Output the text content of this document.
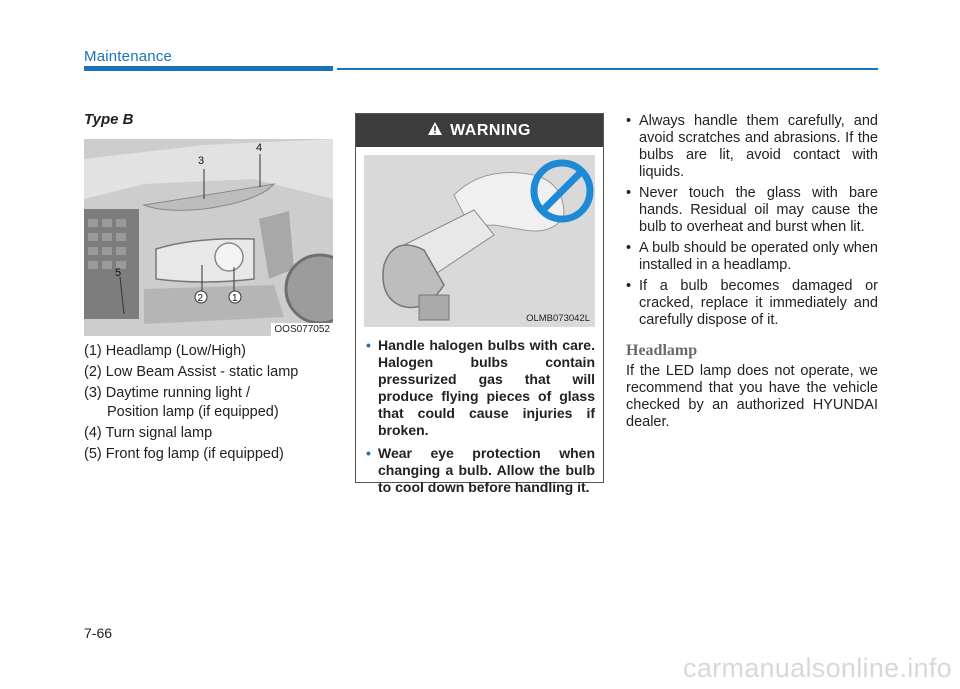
Maintenance
Type B
3
4
5
2	1
OOS077052
(1) Headlamp (Low/High)
(2) Low Beam Assist - static lamp
(3) Daytime running light /
Position lamp (if equipped)
(4) Turn signal lamp
(5) Front fog lamp (if equipped)
WARNING
OLMB073042L
• Handle halogen bulbs with care. Halogen bulbs contain pressurized gas that will produce flying pieces of glass that could cause injuries if broken.
• Wear eye protection when changing a bulb. Allow the bulb to cool down before handling it.
• Always handle them carefully, and avoid scratches and abrasions. If the bulbs are lit, avoid contact with liquids.
• Never touch the glass with bare hands. Residual oil may cause the bulb to overheat and burst when lit.
• A bulb should be operated only when installed in a headlamp.
• If a bulb becomes damaged or cracked, replace it immediately and carefully dispose of it.
Headlamp
If the LED lamp does not operate, we recommend that you have the vehicle checked by an authorized HYUNDAI dealer.
7-66
carmanualsonline.info
